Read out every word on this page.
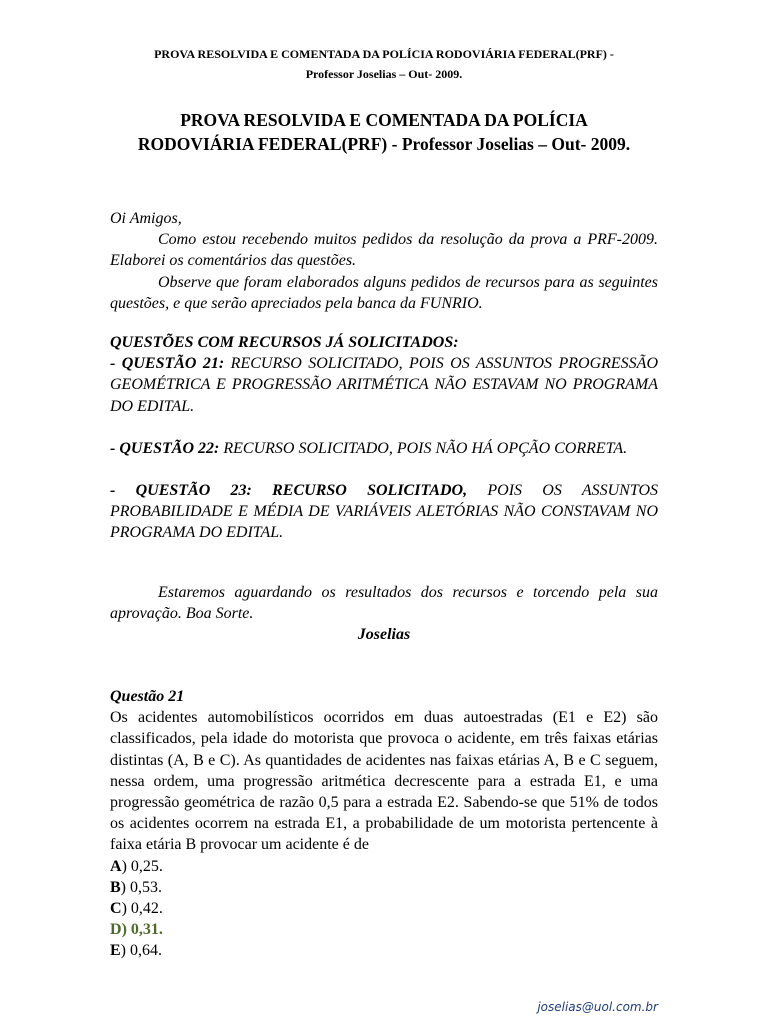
PROVA RESOLVIDA E COMENTADA DA POLÍCIA RODOVIÁRIA FEDERAL(PRF) -
Professor Joselias – Out- 2009.
PROVA RESOLVIDA E COMENTADA DA POLÍCIA
RODOVIÁRIA FEDERAL(PRF) - Professor Joselias – Out- 2009.

Oi Amigos,

Como estou recebendo muitos pedidos da resolução da prova a PRF-2009. Elaborei os comentários das questões.

Observe que foram elaborados alguns pedidos de recursos para as seguintes questões, e que serão apreciados pela banca da FUNRIO.

QUESTÕES COM RECURSOS JÁ SOLICITADOS:

- QUESTÃO 21: RECURSO SOLICITADO, POIS OS ASSUNTOS PROGRESSÃO GEOMÉTRICA E PROGRESSÃO ARITMÉTICA NÃO ESTAVAM NO PROGRAMA DO EDITAL.

- QUESTÃO 22: RECURSO SOLICITADO, POIS NÃO HÁ OPÇÃO CORRETA.

- QUESTÃO 23: RECURSO SOLICITADO, POIS OS ASSUNTOS PROBABILIDADE E MÉDIA DE VARIÁVEIS ALETÓRIAS NÃO CONSTAVAM NO PROGRAMA DO EDITAL.

Estaremos aguardando os resultados dos recursos e torcendo pela sua aprovação. Boa Sorte.

Joselias

Questão 21

Os acidentes automobilísticos ocorridos em duas autoestradas (E1 e E2) são classificados, pela idade do motorista que provoca o acidente, em três faixas etárias distintas (A, B e C). As quantidades de acidentes nas faixas etárias A, B e C seguem, nessa ordem, uma progressão aritmética decrescente para a estrada E1, e uma progressão geométrica de razão 0,5 para a estrada E2. Sabendo-se que 51% de todos os acidentes ocorrem na estrada E1, a probabilidade de um motorista pertencente à faixa etária B provocar um acidente é de

A) 0,25.

B) 0,53.

C) 0,42.

D) 0,31.

E) 0,64.

joselias@uol.com.br
